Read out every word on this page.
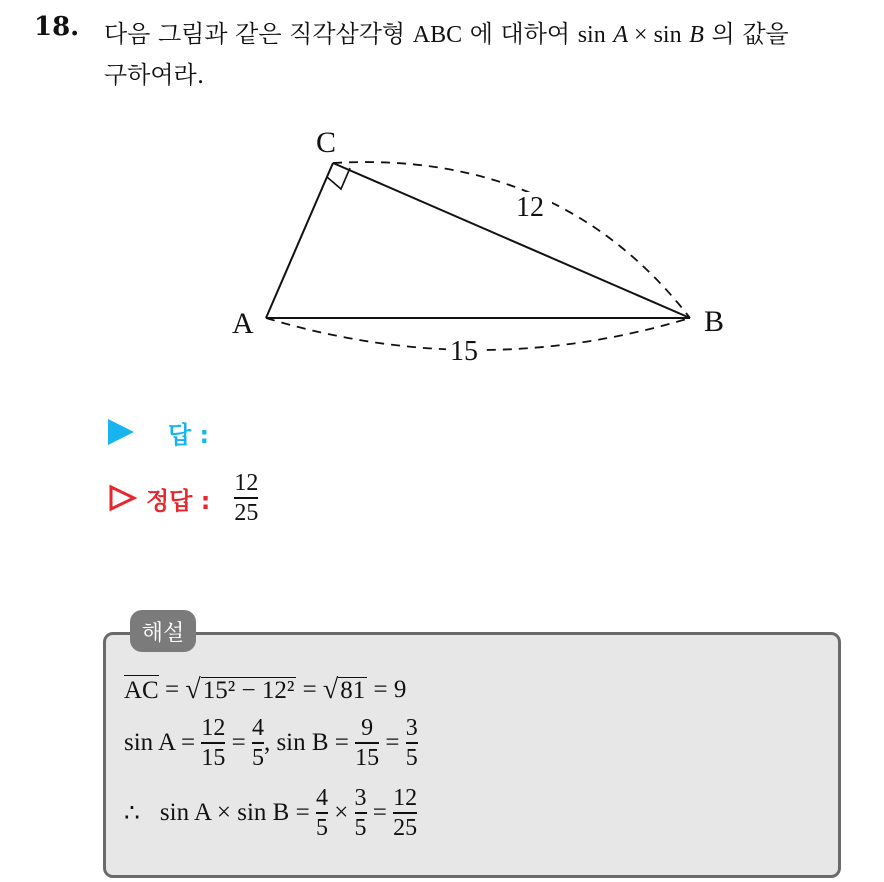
18. 다음 그림과 같은 직각삼각형 ABC 에 대하여 sin A × sin B 의 값을
구하여라.
12
15
C
A	B
답 :
정답 : $\frac{12}{25}$
해설
AC = √ 15² − 12² = √ 81 = 9
$\sin A = \frac{12}{15} = \frac{4}{5}$ , $\sin B = \frac{9}{15} = \frac{3}{5}$
∴ $\sin A \times \sin B = \frac{4}{5} \times \frac{3}{5} = \frac{12}{25}$
